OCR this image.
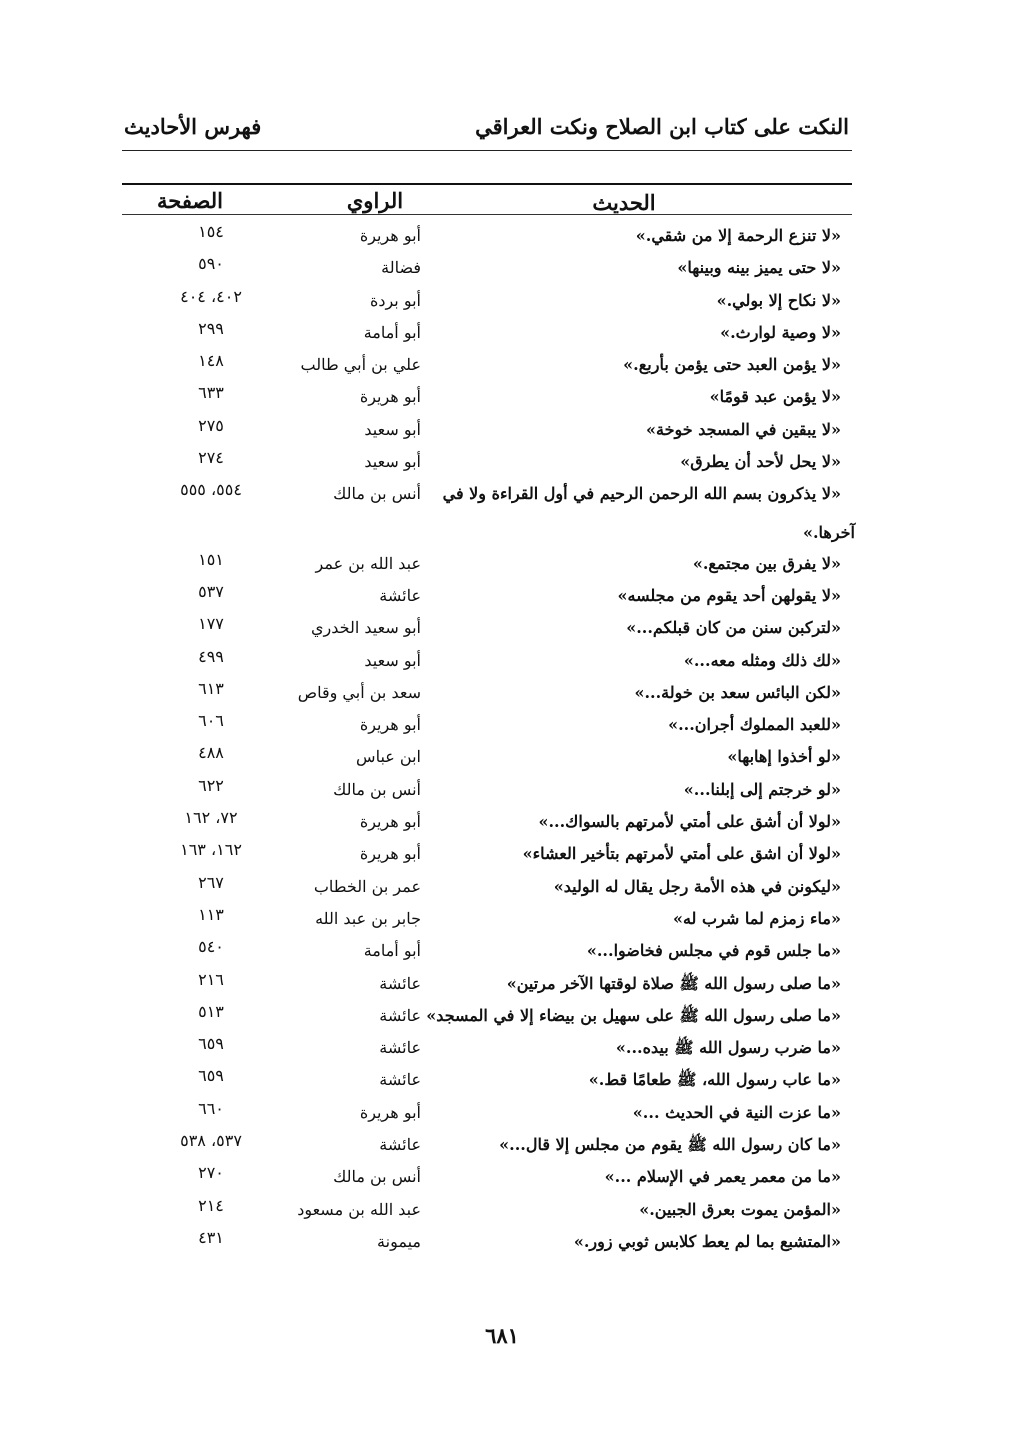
النكت على كتاب ابن الصلاح ونكت العراقي
فهرس الأحاديث
الحديث
الراوي
الصفحة
«لا تنزع الرحمة إلا من شقي.»
أبو هريرة
١٥٤
«لا حتى يميز بينه وبينها»
فضالة
٥٩٠
«لا نكاح إلا بولي.»
أبو بردة
٤٠٢، ٤٠٤
«لا وصية لوارث.»
أبو أمامة
٢٩٩
«لا يؤمن العبد حتى يؤمن بأربع.»
علي بن أبي طالب
١٤٨
«لا يؤمن عبد قومًا»
أبو هريرة
٦٣٣
«لا يبقين في المسجد خوخة»
أبو سعيد
٢٧٥
«لا يحل لأحد أن يطرق»
أبو سعيد
٢٧٤
«لا يذكرون بسم الله الرحمن الرحيم في أول القراءة ولا في
أنس بن مالك
٥٥٤، ٥٥٥
آخرها.»
«لا يفرق بين مجتمع.»
عبد الله بن عمر
١٥١
«لا يقولهن أحد يقوم من مجلسه»
عائشة
٥٣٧
«لتركبن سنن من كان قبلكم...»
أبو سعيد الخدري
١٧٧
«لك ذلك ومثله معه...»
أبو سعيد
٤٩٩
«لكن البائس سعد بن خولة...»
سعد بن أبي وقاص
٦١٣
«للعبد المملوك أجران...»
أبو هريرة
٦٠٦
«لو أخذوا إهابها»
ابن عباس
٤٨٨
«لو خرجتم إلى إبلنا...»
أنس بن مالك
٦٢٢
«لولا أن أشق على أمتي لأمرتهم بالسواك...»
أبو هريرة
٧٢، ١٦٢
«لولا أن اشق على أمتي لأمرتهم بتأخير العشاء»
أبو هريرة
١٦٢، ١٦٣
«ليكونن في هذه الأمة رجل يقال له الوليد»
عمر بن الخطاب
٢٦٧
«ماء زمزم لما شرب له»
جابر بن عبد الله
١١٣
«ما جلس قوم في مجلس فخاضوا...»
أبو أمامة
٥٤٠
«ما صلى رسول الله ﷺ صلاة لوقتها الآخر مرتين»
عائشة
٢١٦
«ما صلى رسول الله ﷺ على سهيل بن بيضاء إلا في المسجد»
عائشة
٥١٣
«ما ضرب رسول الله ﷺ بيده...»
عائشة
٦٥٩
«ما عاب رسول الله، ﷺ طعامًا قط.»
عائشة
٦٥٩
«ما عزت النية في الحديث ...»
أبو هريرة
٦٦٠
«ما كان رسول الله ﷺ يقوم من مجلس إلا قال...»
عائشة
٥٣٧، ٥٣٨
«ما من معمر يعمر في الإسلام ...»
أنس بن مالك
٢٧٠
«المؤمن يموت بعرق الجبين.»
عبد الله بن مسعود
٢١٤
«المتشبع بما لم يعط كلابس ثوبي زور.»
ميمونة
٤٣١
٦٨١
